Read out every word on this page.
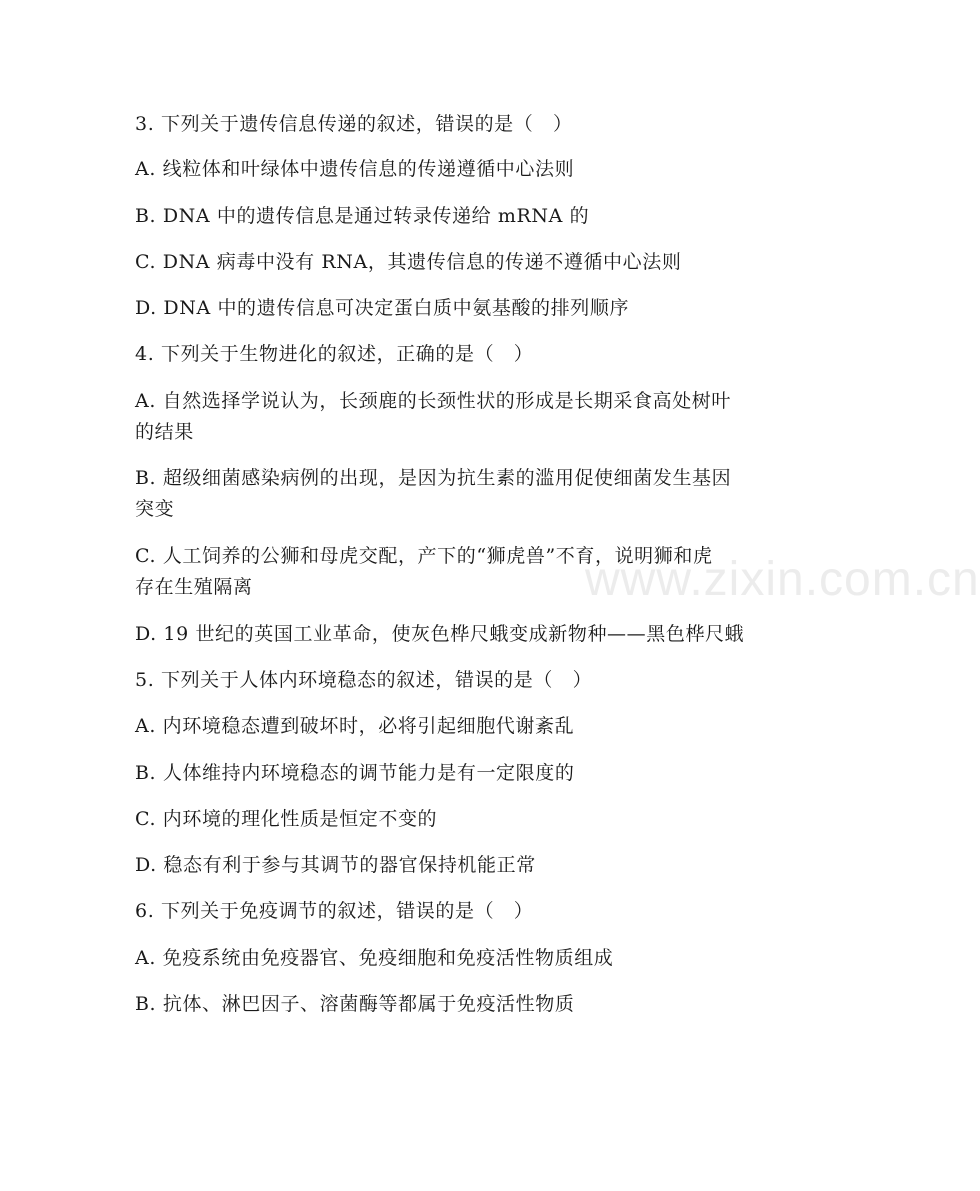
3. 下列关于遗传信息传递的叙述，错误的是（　）
A. 线粒体和叶绿体中遗传信息的传递遵循中心法则
B. DNA 中的遗传信息是通过转录传递给 mRNA 的
C. DNA 病毒中没有 RNA，其遗传信息的传递不遵循中心法则
D. DNA 中的遗传信息可决定蛋白质中氨基酸的排列顺序
4. 下列关于生物进化的叙述，正确的是（　）
A. 自然选择学说认为，长颈鹿的长颈性状的形成是长期采食高处树叶
的结果
B. 超级细菌感染病例的出现，是因为抗生素的滥用促使细菌发生基因
突变
C. 人工饲养的公狮和母虎交配，产下的“狮虎兽”不育，说明狮和虎
存在生殖隔离
D. 19 世纪的英国工业革命，使灰色桦尺蛾变成新物种——黑色桦尺蛾
5. 下列关于人体内环境稳态的叙述，错误的是（　）
A. 内环境稳态遭到破坏时，必将引起细胞代谢紊乱
B. 人体维持内环境稳态的调节能力是有一定限度的
C. 内环境的理化性质是恒定不变的
D. 稳态有利于参与其调节的器官保持机能正常
6. 下列关于免疫调节的叙述，错误的是（　）
A. 免疫系统由免疫器官、免疫细胞和免疫活性物质组成
B. 抗体、淋巴因子、溶菌酶等都属于免疫活性物质
www.zixin.com.cn
